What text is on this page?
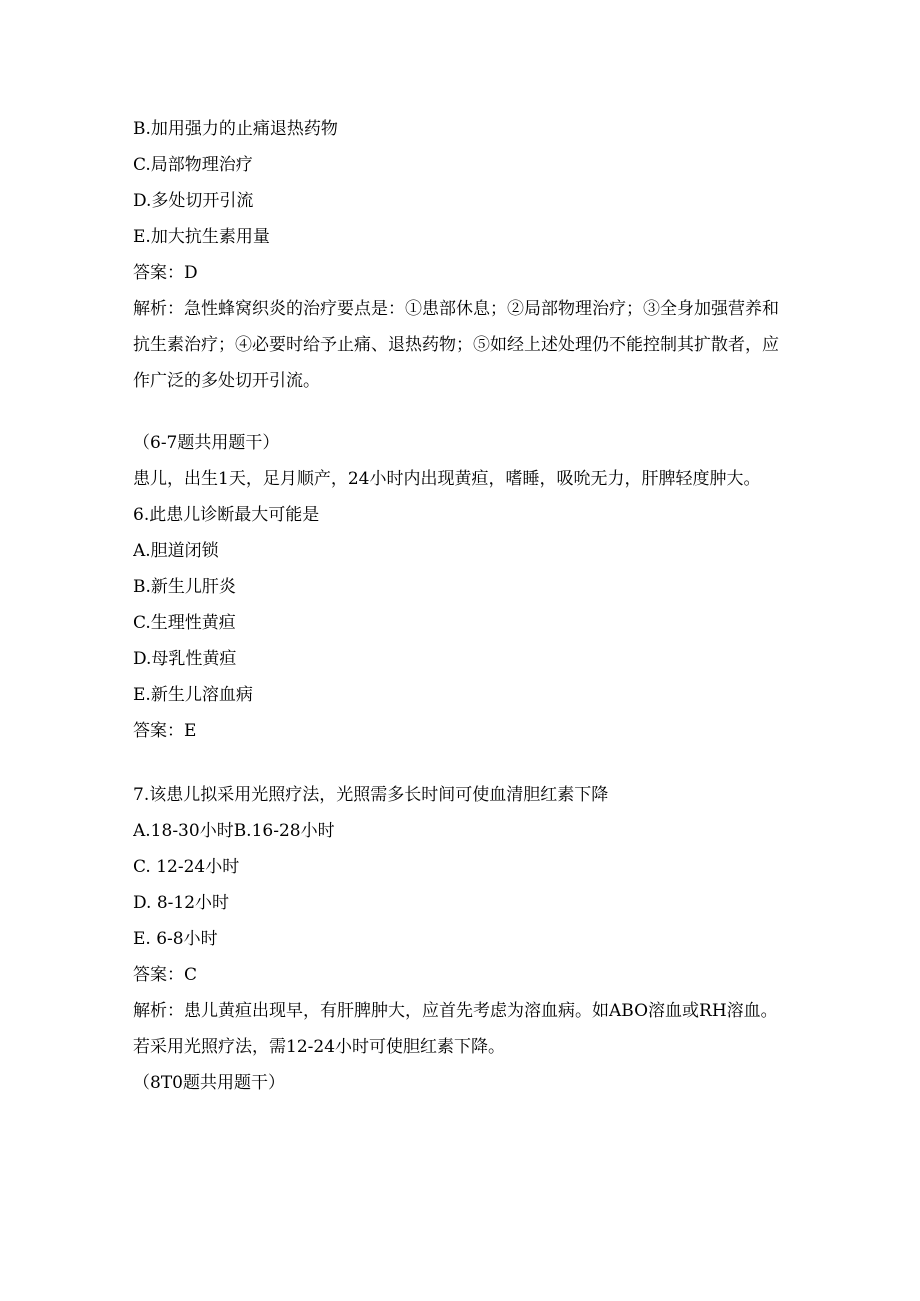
B.加用强力的止痛退热药物
C.局部物理治疗
D.多处切开引流
E.加大抗生素用量
答案：D
解析：急性蜂窝织炎的治疗要点是：①患部休息；②局部物理治疗；③全身加强营养和抗生素治疗；④必要时给予止痛、退热药物；⑤如经上述处理仍不能控制其扩散者，应作广泛的多处切开引流。
（6-7题共用题干）
患儿，出生1天，足月顺产，24小时内出现黄疸，嗜睡，吸吮无力，肝脾轻度肿大。
6.此患儿诊断最大可能是
A.胆道闭锁
B.新生儿肝炎
C.生理性黄疸
D.母乳性黄疸
E.新生儿溶血病
答案：E
7.该患儿拟采用光照疗法，光照需多长时间可使血清胆红素下降
A.18-30小时B.16-28小时
C. 12-24小时
D. 8-12小时
E. 6-8小时
答案：C
解析：患儿黄疸出现早，有肝脾肿大，应首先考虑为溶血病。如ABO溶血或RH溶血。若采用光照疗法，需12-24小时可使胆红素下降。
（8T0题共用题干）
